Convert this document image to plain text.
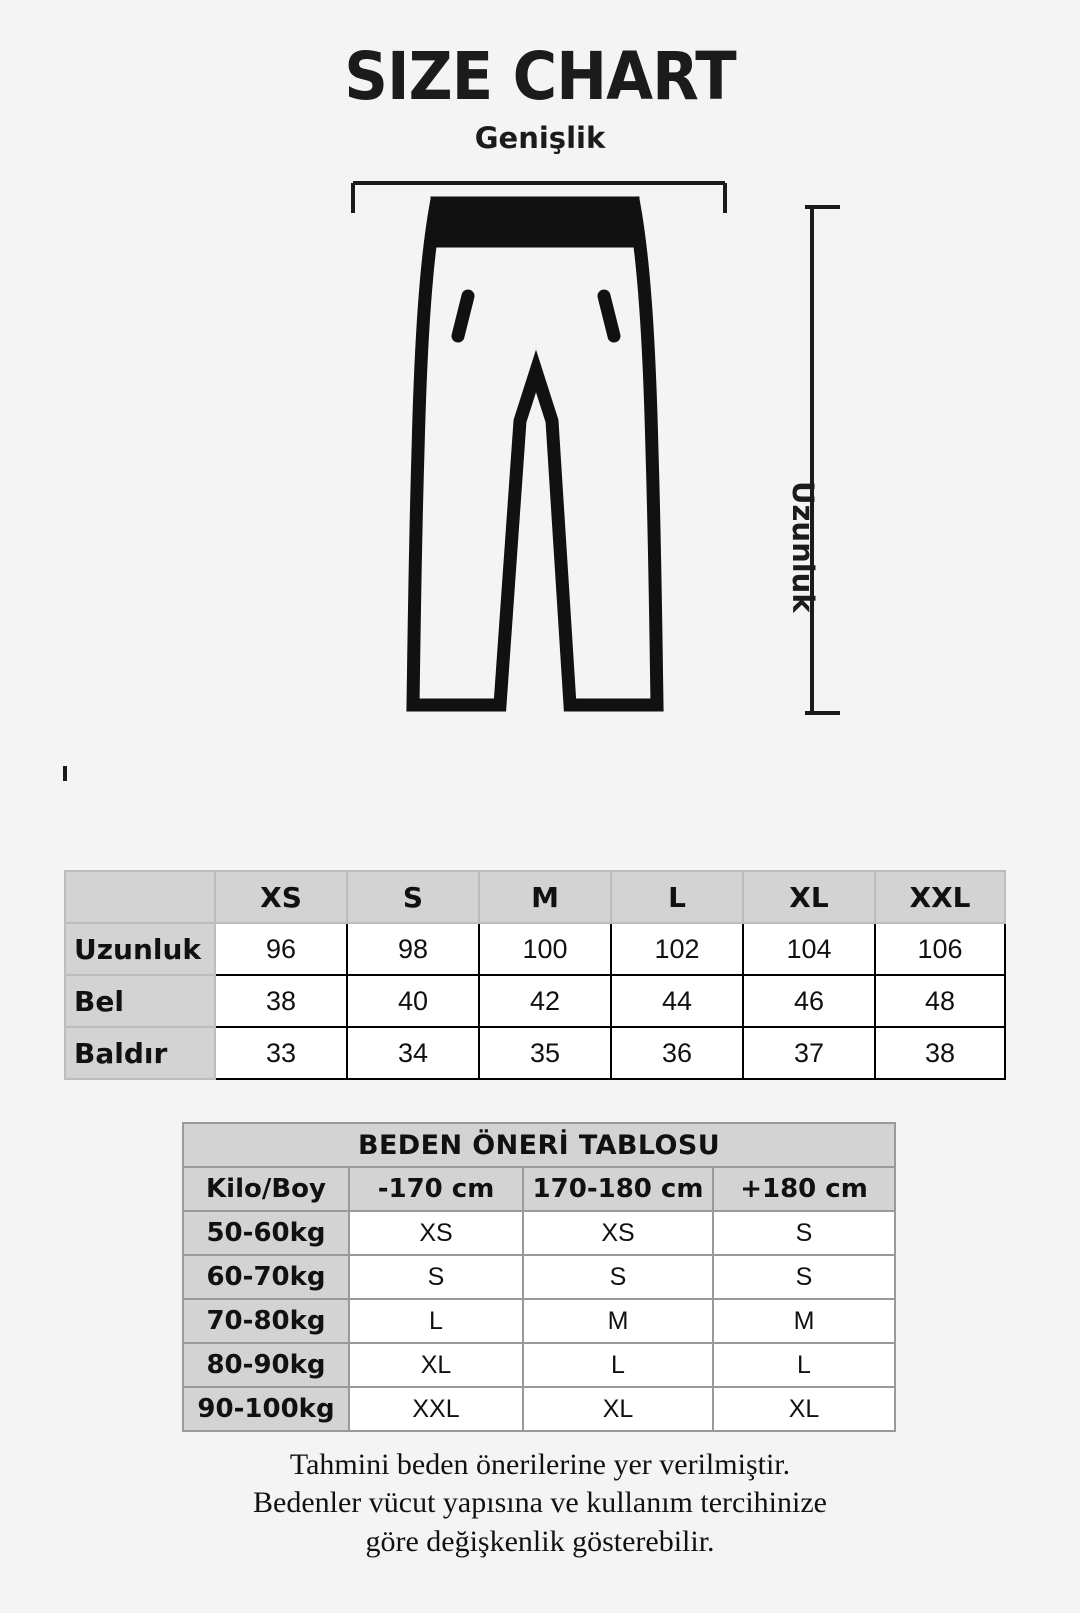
SIZE CHART
Genişlik
Uzunluk
	XS	S	M	L	XL	XXL
Uzunluk	96	98	100	102	104	106
Bel	38	40	42	44	46	48
Baldır	33	34	35	36	37	38
BEDEN ÖNERİ TABLOSU			
Kilo/Boy	-170 cm	170-180 cm	+180 cm
50-60kg	XS	XS	S
60-70kg	S	S	S
70-80kg	L	M	M
80-90kg	XL	L	L
90-100kg	XXL	XL	XL
Tahmini beden önerilerine yer verilmiştir.
Bedenler vücut yapısına ve kullanım tercihinize
göre değişkenlik gösterebilir.
